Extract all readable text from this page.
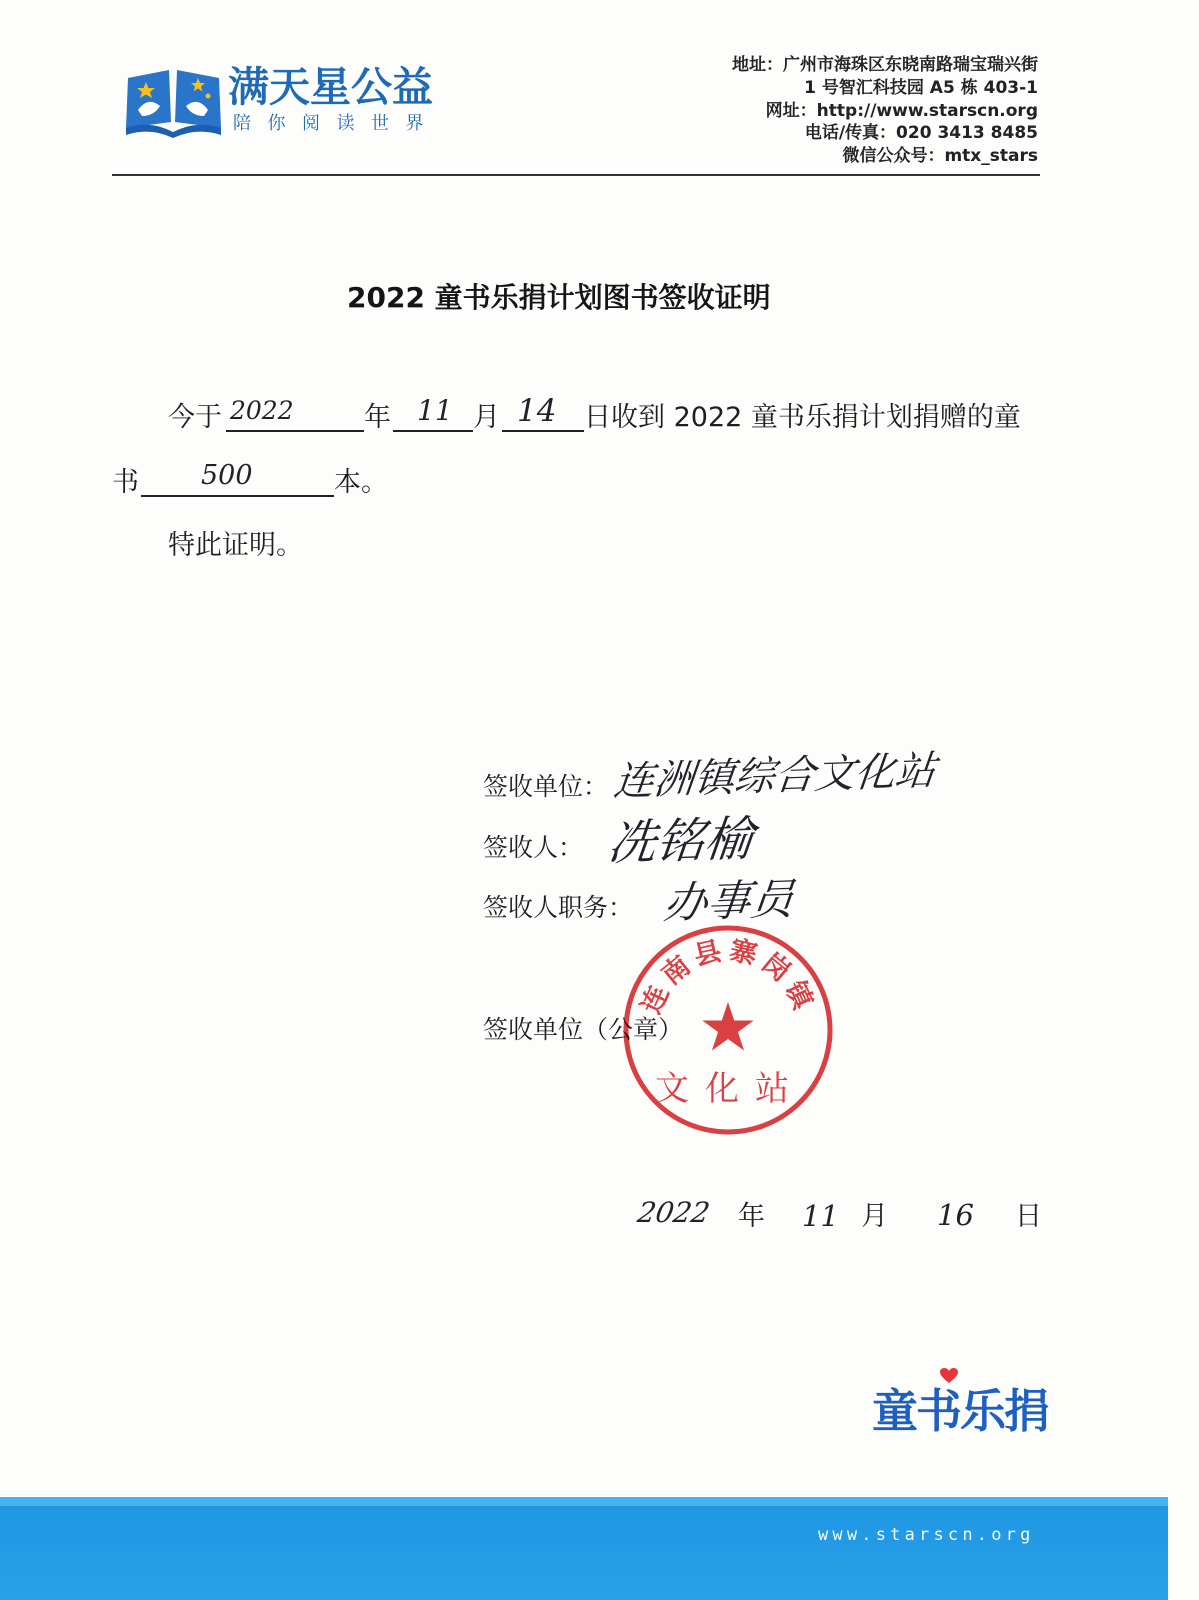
满天星公益
陪你阅读世界
地址：广州市海珠区东晓南路瑞宝瑞兴街
1 号智汇科技园 A5 栋 403-1
网址：http://www.starscn.org
电话/传真：020 3413 8485
微信公众号：mtx_stars
2022 童书乐捐计划图书签收证明
今于 2022	年 11 月 14 日收到 2022 童书乐捐计划捐赠的童
书 500	本。
特此证明。
签收单位： 连洲镇综合文化站
签收人： 冼铭榆
签收人职务： 办事员
签收单位（公章）
连南县寨岗镇
文化站
2022 年 11 月 16 日
童书乐捐
www.starscn.org
